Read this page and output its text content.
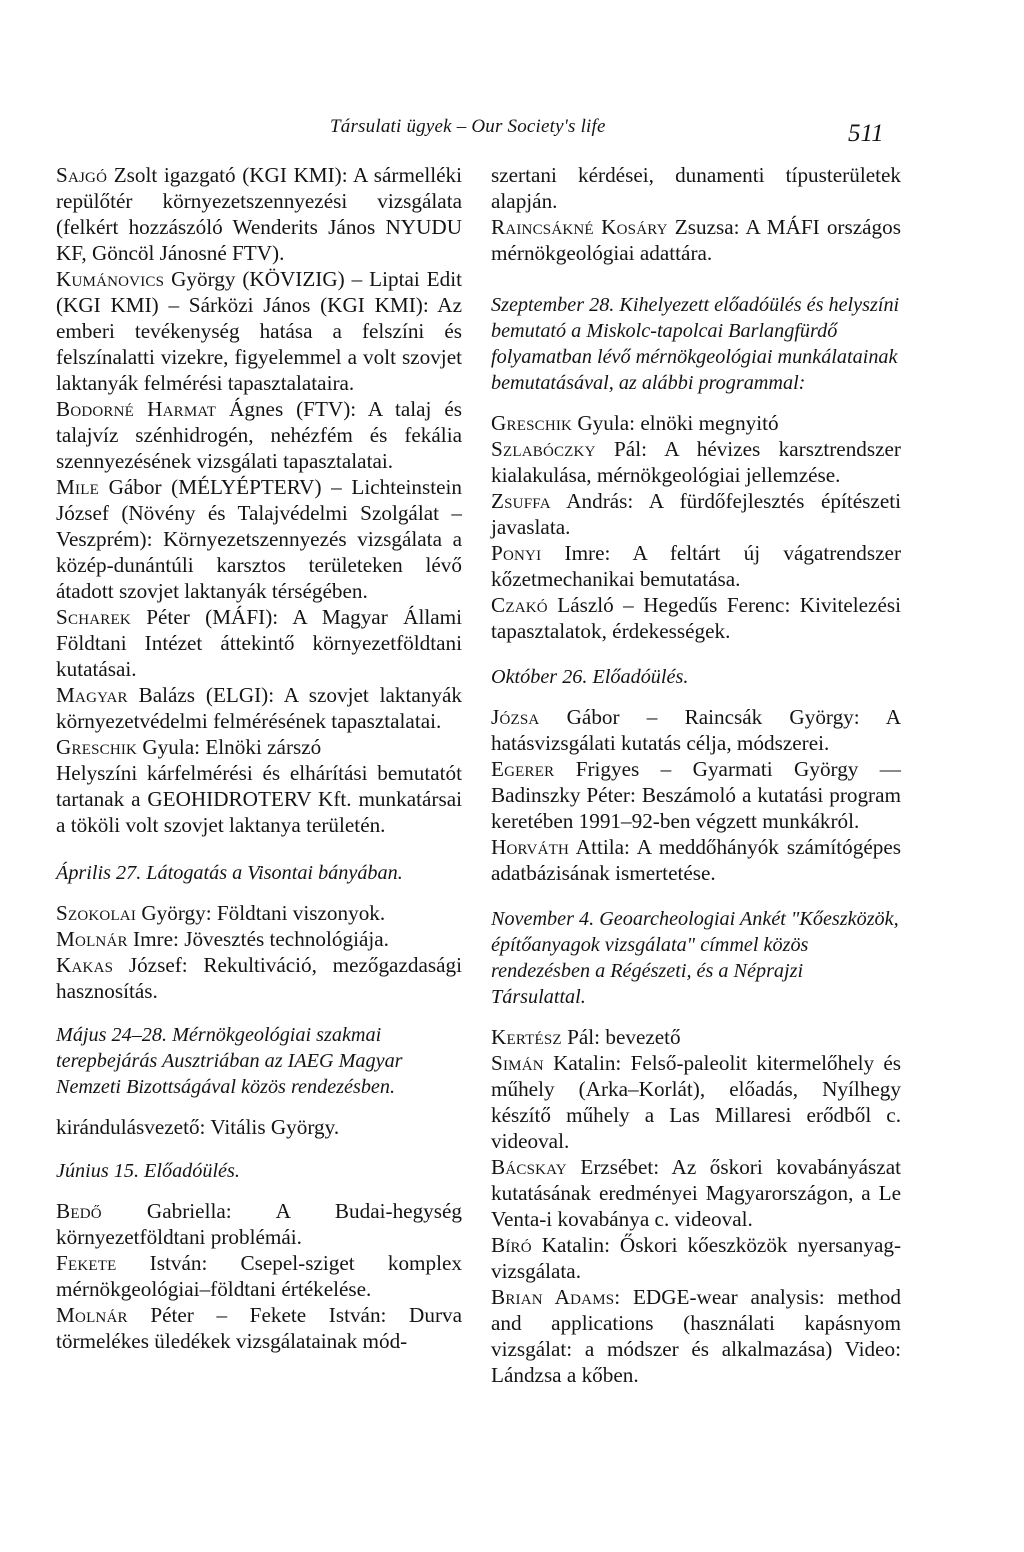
Társulati ügyek – Our Society's life	511

Sajgó Zsolt igazgató (KGI KMI): A sármelléki repülőtér környezetszennyezési vizsgálata (felkért hozzászóló Wenderits János NYUDU KF, Göncöl Jánosné FTV).

Kumánovics György (KÖVIZIG) – Liptai Edit (KGI KMI) – Sárközi János (KGI KMI): Az emberi tevékenység hatása a felszíni és felszínalatti vizekre, figyelemmel a volt szovjet laktanyák felmérési tapasztalataira.

Bodorné Harmat Ágnes (FTV): A talaj és talajvíz szénhidrogén, nehézfém és fekália szennyezésének vizsgálati tapasztalatai.

Mile Gábor (MÉLYÉPTERV) – Lichteinstein József (Növény és Talajvédelmi Szolgálat – Veszprém): Környezetszennyezés vizsgálata a közép-dunántúli karsztos területeken lévő átadott szovjet laktanyák térségében.

Scharek Péter (MÁFI): A Magyar Állami Földtani Intézet áttekintő környezetföldtani kutatásai.

Magyar Balázs (ELGI): A szovjet laktanyák környezetvédelmi felmérésének tapasztalatai.

Greschik Gyula: Elnöki zárszó

Helyszíni kárfelmérési és elhárítási bemutatót tartanak a GEOHIDROTERV Kft. munkatársai a tököli volt szovjet laktanya területén.

Április 27. Látogatás a Visontai bányában.

Szokolai György: Földtani viszonyok.

Molnár Imre: Jövesztés technológiája.

Kakas József: Rekultiváció, mezőgazdasági hasznosítás.

Május 24–28. Mérnökgeológiai szakmai terepbejárás Ausztriában az IAEG Magyar Nemzeti Bizottságával közös rendezésben.

kirándulásvezető: Vitális György.

Június 15. Előadóülés.

Bedő Gabriella: A Budai-hegység környezetföldtani problémái.

Fekete István: Csepel-sziget komplex mérnökgeológiai–földtani értékelése.

Molnár Péter – Fekete István: Durva törmelékes üledékek vizsgálatainak mód-

szertani kérdései, dunamenti típusterületek alapján.

Raincsákné Kosáry Zsuzsa: A MÁFI országos mérnökgeológiai adattára.

Szeptember 28. Kihelyezett előadóülés és helyszíni bemutató a Miskolc-tapolcai Barlangfürdő folyamatban lévő mérnökgeológiai munkálatainak bemutatásával, az alábbi programmal:

Greschik Gyula: elnöki megnyitó

Szlabóczky Pál: A hévizes karsztrendszer kialakulása, mérnökgeológiai jellemzése.

Zsuffa András: A fürdőfejlesztés építészeti javaslata.

Ponyi Imre: A feltárt új vágatrendszer kőzetmechanikai bemutatása.

Czakó László – Hegedűs Ferenc: Kivitelezési tapasztalatok, érdekességek.

Október 26. Előadóülés.

Józsa Gábor – Raincsák György: A hatásvizsgálati kutatás célja, módszerei.

Egerer Frigyes – Gyarmati György — Badinszky Péter: Beszámoló a kutatási program keretében 1991–92-ben végzett munkákról.

Horváth Attila: A meddőhányók számítógépes adatbázisának ismertetése.

November 4. Geoarcheologiai Ankét "Kőeszközök, építőanyagok vizsgálata" címmel közös rendezésben a Régészeti, és a Néprajzi Társulattal.

Kertész Pál: bevezető

Simán Katalin: Felső-paleolit kitermelőhely és műhely (Arka–Korlát), előadás, Nyílhegy készítő műhely a Las Millaresi erődből c. videoval.

Bácskay Erzsébet: Az őskori kovabányászat kutatásának eredményei Magyarországon, a Le Venta-i kovabánya c. videoval.

Bíró Katalin: Őskori kőeszközök nyersanyag-vizsgálata.

Brian Adams: EDGE-wear analysis: method and applications (használati kapásnyom vizsgálat: a módszer és alkalmazása) Video: Lándzsa a kőben.
